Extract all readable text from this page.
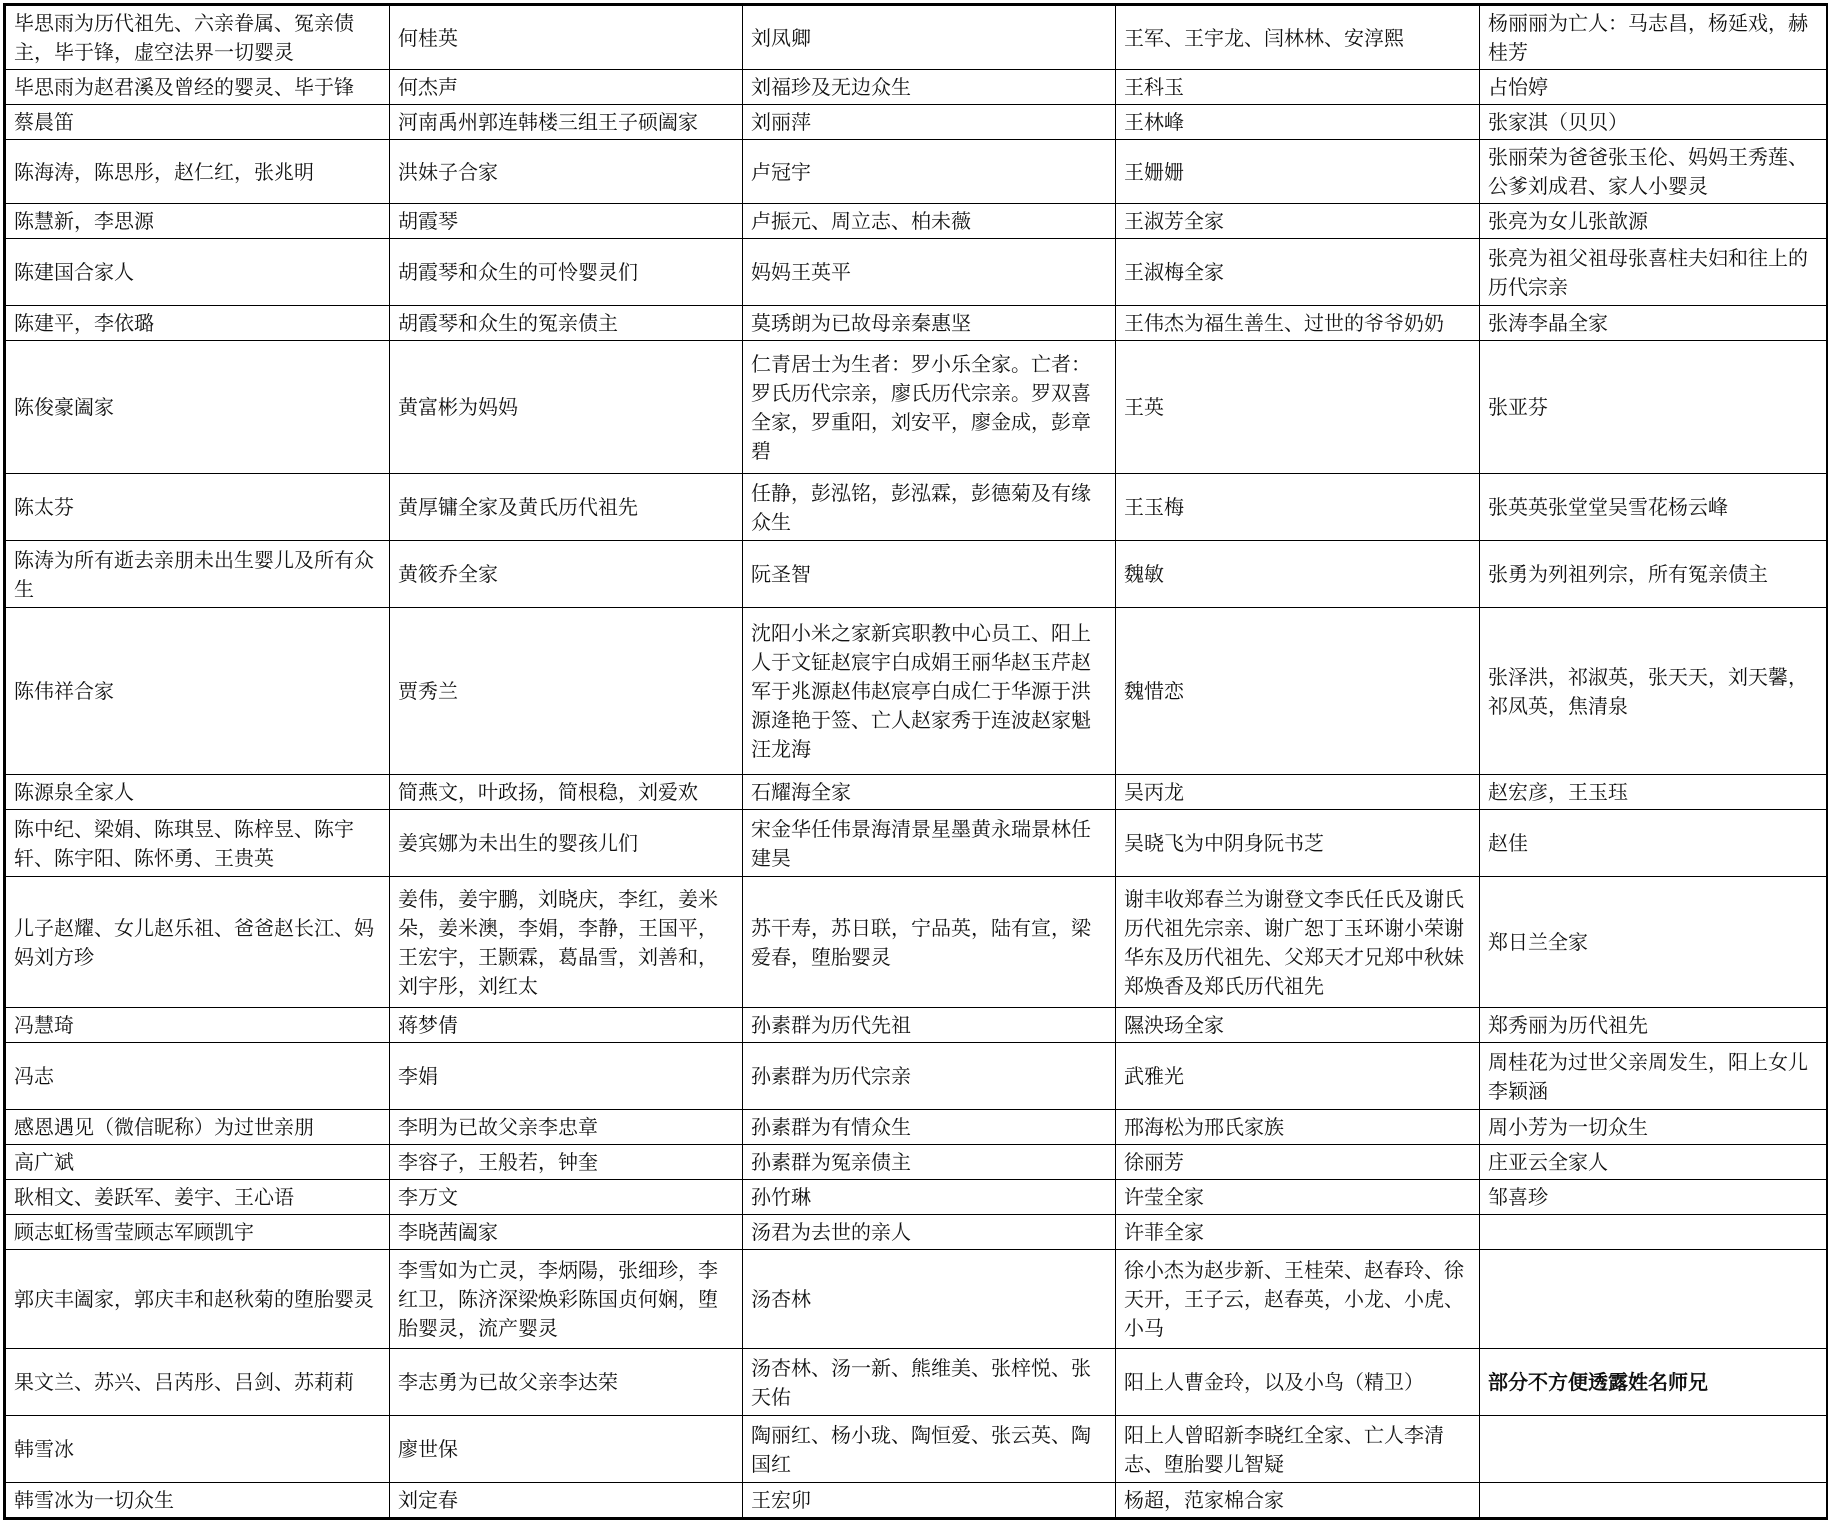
毕思雨为历代祖先、六亲眷属、冤亲债主，毕于锋，虚空法界一切婴灵	何桂英	刘凤卿	王军、王宇龙、闫林林、安淳熙	杨丽丽为亡人：马志昌，杨延戏，赫桂芳
毕思雨为赵君溪及曾经的婴灵、毕于锋	何杰声	刘福珍及无边众生	王科玉	占怡婷
蔡晨笛	河南禹州郭连韩楼三组王子硕阖家	刘丽萍	王林峰	张家淇（贝贝）
陈海涛，陈思彤，赵仁红，张兆明	洪妹子合家	卢冠宇	王姗姗	张丽荣为爸爸张玉伦、妈妈王秀莲、公爹刘成君、家人小婴灵
陈慧新，李思源	胡霞琴	卢振元、周立志、柏未薇	王淑芳全家	张亮为女儿张歆源
陈建国合家人	胡霞琴和众生的可怜婴灵们	妈妈王英平	王淑梅全家	张亮为祖父祖母张喜柱夫妇和往上的历代宗亲
陈建平，李依璐	胡霞琴和众生的冤亲债主	莫琇朗为已故母亲秦惠坚	王伟杰为福生善生、过世的爷爷奶奶	张涛李晶全家
陈俊豪阖家	黄富彬为妈妈	仁青居士为生者：罗小乐全家。亡者：罗氏历代宗亲，廖氏历代宗亲。罗双喜全家，罗重阳，刘安平，廖金成，彭章碧	王英	张亚芬
陈太芬	黄厚镛全家及黄氏历代祖先	任静，彭泓铭，彭泓霖，彭德菊及有缘众生	王玉梅	张英英张堂堂吴雪花杨云峰
陈涛为所有逝去亲朋未出生婴儿及所有众生	黄筱乔全家	阮圣智	魏敏	张勇为列祖列宗，所有冤亲债主
陈伟祥合家	贾秀兰	沈阳小米之家新宾职教中心员工、阳上人于文钲赵宸宇白成娟王丽华赵玉芹赵军于兆源赵伟赵宸亭白成仁于华源于洪源逄艳于签、亡人赵家秀于连波赵家魁汪龙海	魏惜恋	张泽洪，祁淑英，张天天，刘天馨，祁凤英，焦清泉
陈源泉全家人	简燕文，叶政扬，简根稳，刘爱欢	石耀海全家	吴丙龙	赵宏彦，王玉珏
陈中纪、梁娟、陈琪昱、陈梓昱、陈宇轩、陈宇阳、陈怀勇、王贵英	姜宾娜为未出生的婴孩儿们	宋金华任伟景海清景星墨黄永瑞景林任建昊	吴晓飞为中阴身阮书芝	赵佳
儿子赵耀、女儿赵乐祖、爸爸赵长江、妈妈刘方珍	姜伟，姜宇鹏，刘晓庆，李红，姜米朵，姜米澳，李娟，李静，王国平，王宏宇，王颢霖，葛晶雪，刘善和，刘宇彤，刘红太	苏干寿，苏日联，宁品英，陆有宣，梁爱春，堕胎婴灵	谢丰收郑春兰为谢登文李氏任氏及谢氏历代祖先宗亲、谢广恕丁玉环谢小荣谢华东及历代祖先、父郑天才兄郑中秋妹郑焕香及郑氏历代祖先	郑日兰全家
冯慧琦	蒋梦倩	孙素群为历代先祖	隰泱玚全家	郑秀丽为历代祖先
冯志	李娟	孙素群为历代宗亲	武雅光	周桂花为过世父亲周发生，阳上女儿李颖涵
感恩遇见（微信昵称）为过世亲朋	李明为已故父亲李忠章	孙素群为有情众生	邢海松为邢氏家族	周小芳为一切众生
高广斌	李容子，王般若，钟奎	孙素群为冤亲债主	徐丽芳	庄亚云全家人
耿相文、姜跃军、姜宇、王心语	李万文	孙竹琳	许莹全家	邹喜珍
顾志虹杨雪莹顾志军顾凯宇	李晓茜阖家	汤君为去世的亲人	许菲全家	
郭庆丰阖家，郭庆丰和赵秋菊的堕胎婴灵	李雪如为亡灵，李炳陽，张细珍，李红卫，陈济深梁焕彩陈国贞何娴，堕胎婴灵，流产婴灵	汤杏林	徐小杰为赵步新、王桂荣、赵春玲、徐天开，王子云，赵春英，小龙、小虎、小马	
果文兰、苏兴、吕芮彤、吕剑、苏莉莉	李志勇为已故父亲李达荣	汤杏林、汤一新、熊维美、张梓悦、张天佑	阳上人曹金玲，以及小鸟（精卫）	部分不方便透露姓名师兄
韩雪冰	廖世保	陶丽红、杨小珑、陶恒爱、张云英、陶国红	阳上人曾昭新李晓红全家、亡人李清志、堕胎婴儿智疑	
韩雪冰为一切众生	刘定春	王宏卯	杨超，范家棉合家	
